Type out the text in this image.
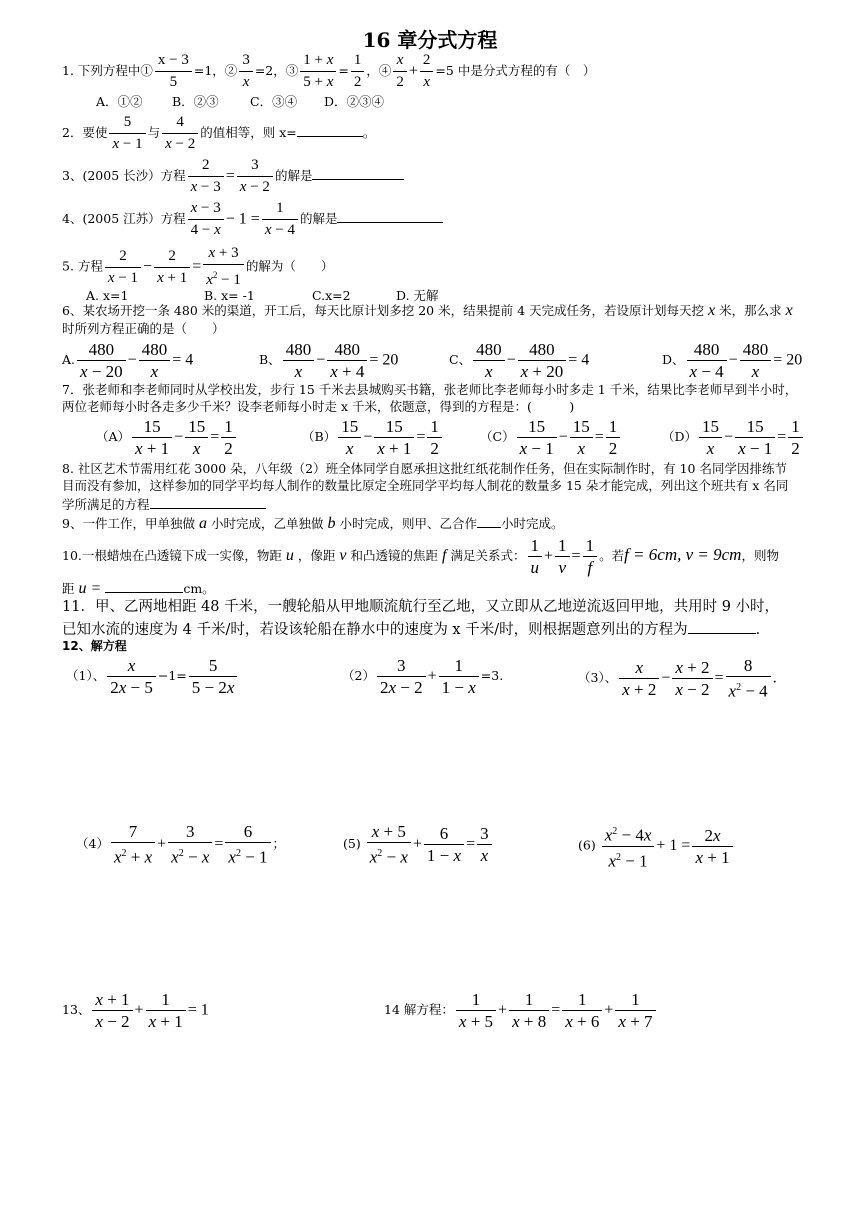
16 章分式方程
1. 下列方程中① $\frac{x - 3}{5} =1$，② $\frac{3}{x} =2$，③ $\frac{1 + x}{5 + x} = \frac{1}{2}$ ，④ $\frac{x}{2} + \frac{2}{x} =5$ 中是分式方程的有（　）
A．①② B．②③	C．③④ D．②③④
2．要使 $\frac{5}{x - 1}$ 与 $\frac{4}{x - 2}$ 的值相等，则 x=	。
3、(2005 长沙）方程 $\frac{2}{x - 3} = \frac{3}{x - 2}$ 的解是
4、(2005 江苏）方程 $\frac{x - 3}{4 - x} - 1 = \frac{1}{x - 4}$ 的解是
5. 方程 $\frac{2}{x - 1} - \frac{2}{x + 1} = \frac{x + 3}{x^2 - 1}$ 的解为（　　）
A. x=1	B. x= -1	C.x=2	D. 无解
6、某农场开挖一条 480 米的渠道，开工后，每天比原计划多挖 20 米，结果提前 4 天完成任务，若设原计划每天挖 x 米，那么求 x
时所列方程正确的是（　　）
A. $\frac{480}{x - 20} - \frac{480}{x} = 4$	B、 $\frac{480}{x} - \frac{480}{x + 4} = 20$	C、 $\frac{480}{x} - \frac{480}{x + 20} = 4$	D、 $\frac{480}{x - 4} - \frac{480}{x} = 20$
7．张老师和李老师同时从学校出发，步行 15 千米去县城购买书籍，张老师比李老师每小时多走 1 千米，结果比李老师早到半小时，
两位老师每小时各走多少千米？设李老师每小时走 x 千米，依题意，得到的方程是：(　　　)
$(A) \frac{15}{x + 1} - \frac{15}{x} = \frac{1}{2}$	$(B) \frac{15}{x} - \frac{15}{x + 1} = \frac{1}{2}$	$(C) \frac{15}{x - 1} - \frac{15}{x} = \frac{1}{2}$	$(D) \frac{15}{x} - \frac{15}{x - 1} = \frac{1}{2}$
8. 社区艺术节需用红花 3000 朵，八年级（2）班全体同学自愿承担这批红纸花制作任务，但在实际制作时，有 10 名同学因排练节
目而没有参加，这样参加的同学平均每人制作的数量比原定全班同学平均每人制花的数量多 15 朵才能完成，列出这个班共有 x 名同
学所满足的方程
9、一件工作，甲单独做 a 小时完成，乙单独做 b 小时完成，则甲、乙合作 小时完成。
10.一根蜡烛在凸透镜下成一实像，物距 u ，像距 v 和凸透镜的焦距 f 满足关系式： $\frac{1}{u} + \frac{1}{v} = \frac{1}{f}$ 。若f = 6cm, v = 9cm，则物
距 u =	cm。
11．甲、乙两地相距 48 千米，一艘轮船从甲地顺流航行至乙地，又立即从乙地逆流返回甲地，共用时 9 小时，
已知水流的速度为 4 千米/时，若设该轮船在静水中的速度为 x 千米/时，则根据题意列出的方程为	．
12、解方程
（1）、 $\frac{x}{2x - 5} -1= \frac{5}{5 - 2x}$	$(2) \frac{3}{2x - 2} + \frac{1}{1 - x} =3$.	（3）、 $\frac{x}{x + 2} - \frac{x + 2}{x - 2} = \frac{8}{x^2 - 4}$ .
$(4) \frac{7}{x^2 + x} + \frac{3}{x^2 - x} = \frac{6}{x^2 - 1}$ ；	$(5) \frac{x + 5}{x^2 - x} + \frac{6}{1 - x} = \frac{3}{x}$	$(6) \frac{x^2 - 4x}{x^2 - 1} + 1 = \frac{2x}{x + 1}$
13、 $\frac{x + 1}{x - 2} + \frac{1}{x + 1} = 1$	14 解方程： $\frac{1}{x + 5} + \frac{1}{x + 8} = \frac{1}{x + 6} + \frac{1}{x + 7}$
